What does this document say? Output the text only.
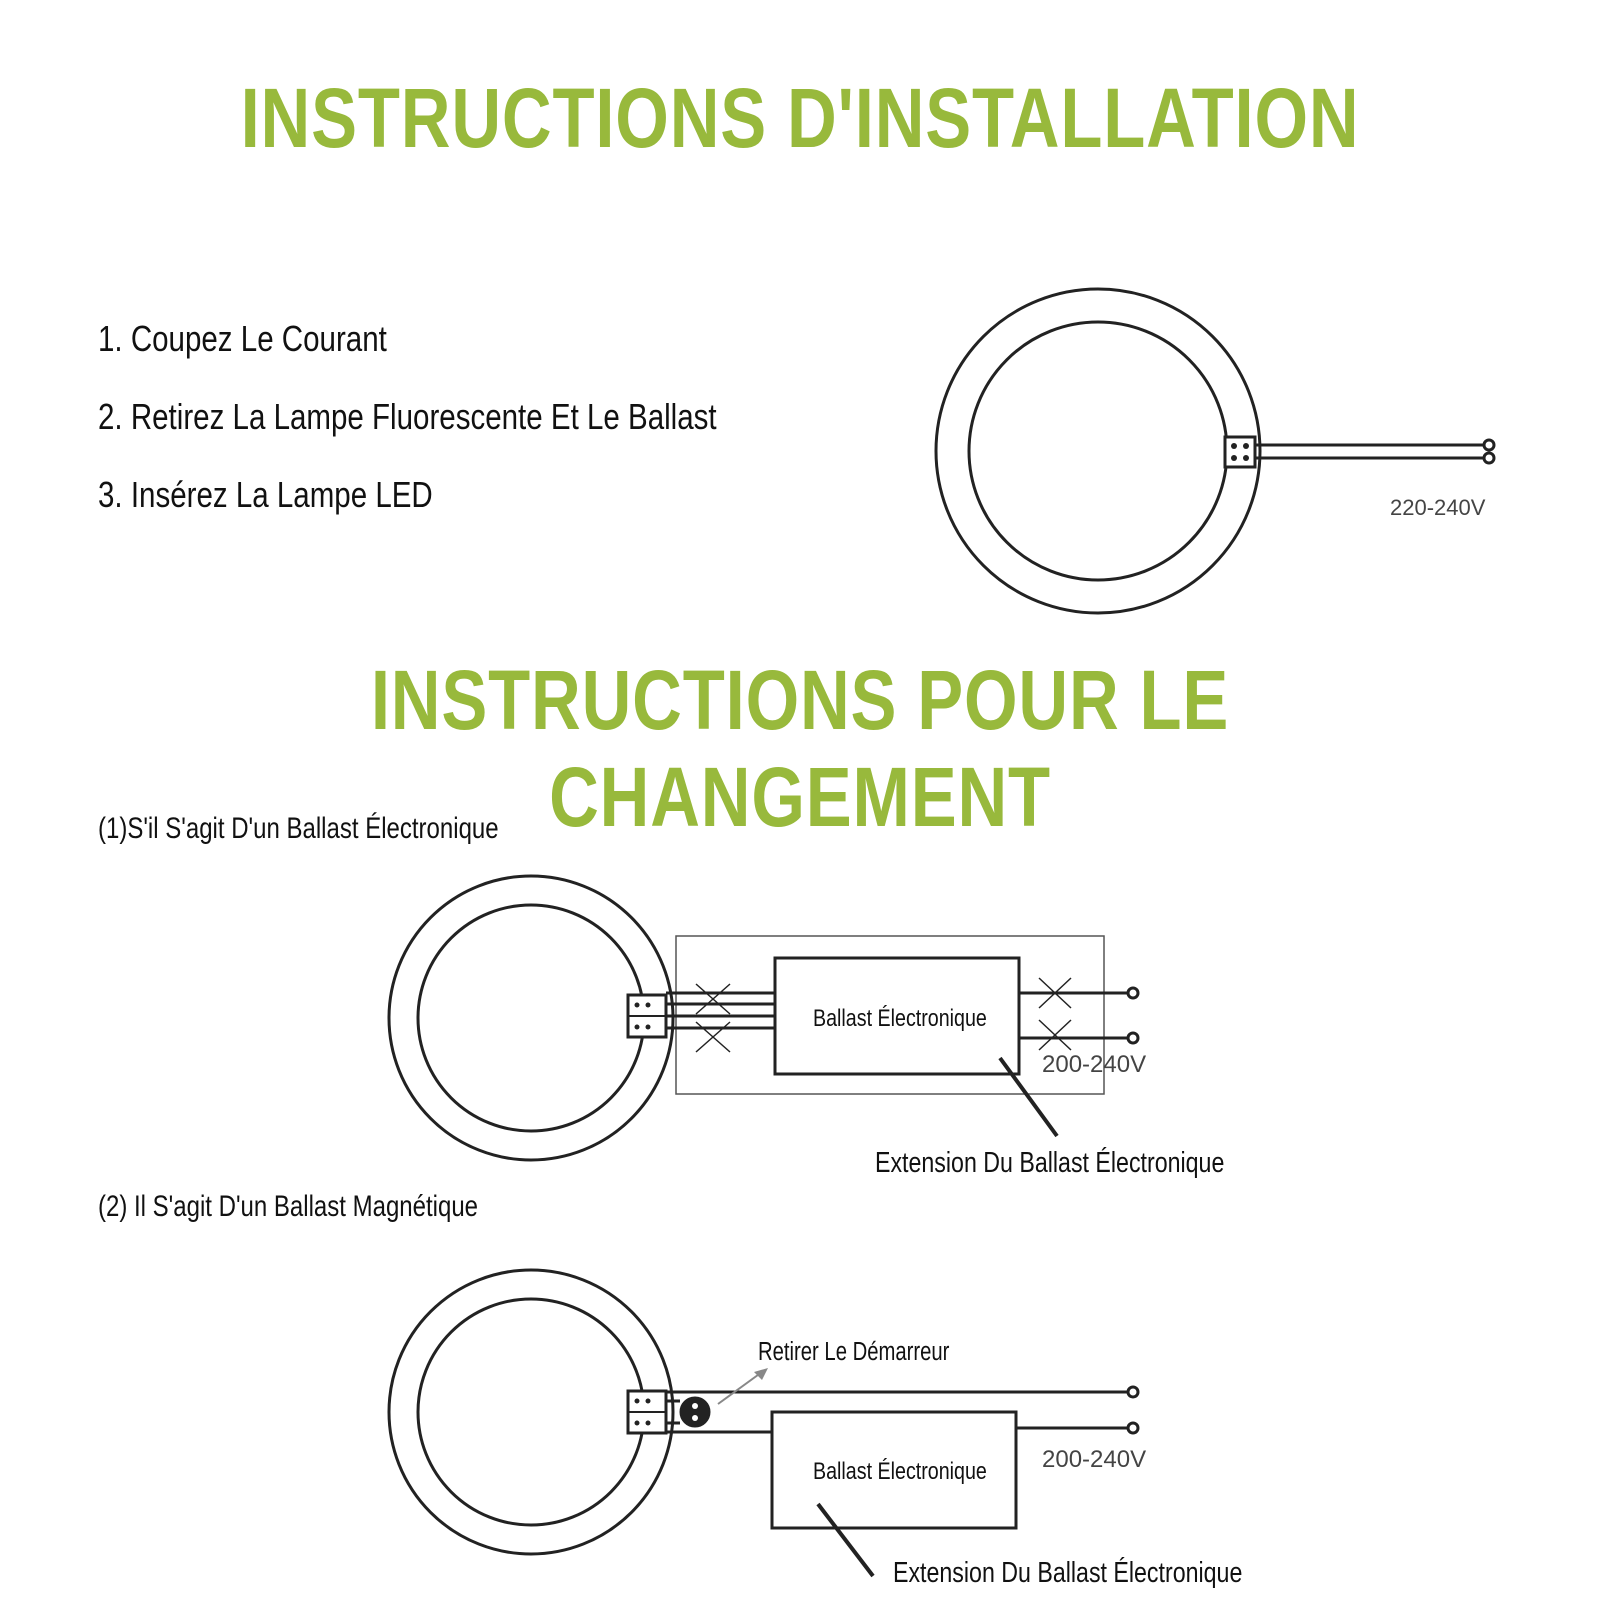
INSTRUCTIONS D'INSTALLATION
INSTRUCTIONS POUR LE CHANGEMENT
1. Coupez Le Courant
2. Retirez La Lampe Fluorescente Et Le Ballast
3. Insérez La Lampe LED
(1)S'il S'agit D'un Ballast Électronique
(2) Il S'agit D'un Ballast Magnétique
220-240V
Ballast Électronique
200-240V
Extension Du Ballast Électronique
Retirer Le Démarreur
Ballast Électronique 200-240V
Extension Du Ballast Électronique
